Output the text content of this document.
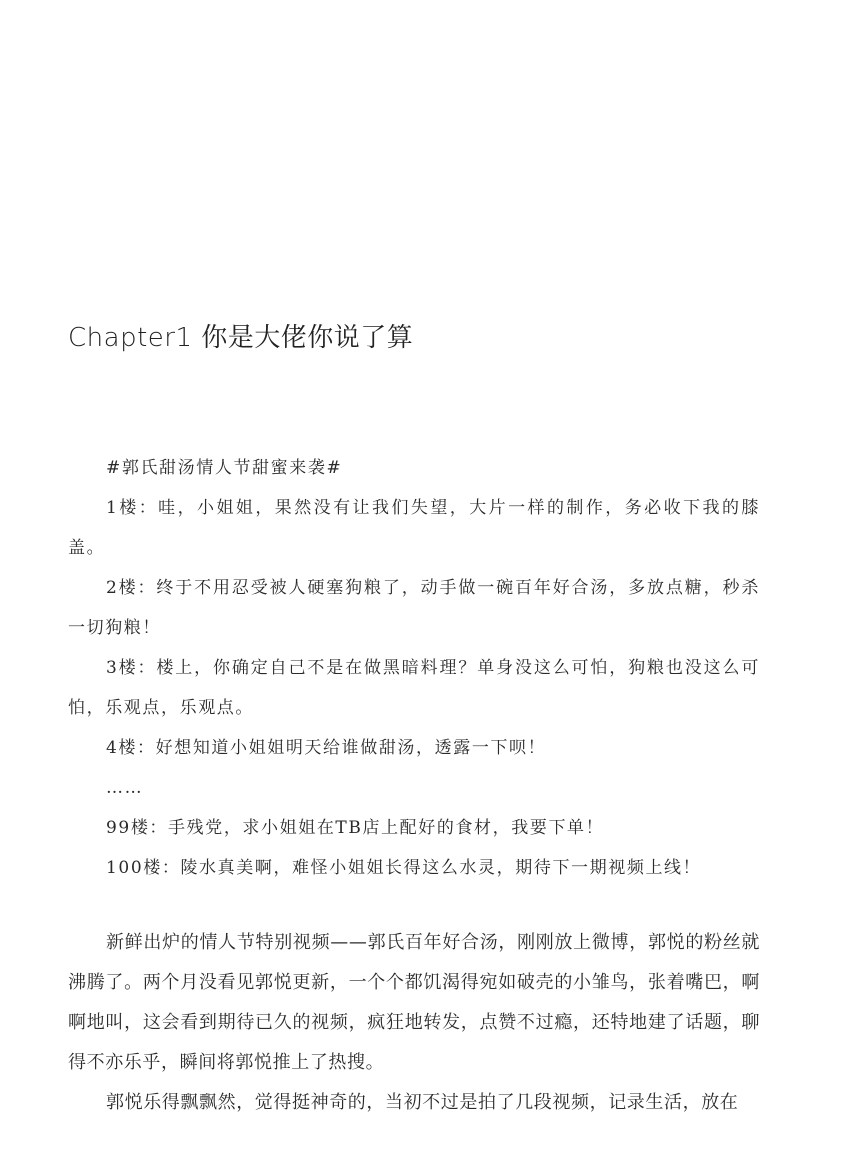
Chapter1 你是大佬你说了算

#郭氏甜汤情人节甜蜜来袭#

1楼：哇，小姐姐，果然没有让我们失望，大片一样的制作，务必收下我的膝盖。

2楼：终于不用忍受被人硬塞狗粮了，动手做一碗百年好合汤，多放点糖，秒杀一切狗粮！

3楼：楼上，你确定自己不是在做黑暗料理？单身没这么可怕，狗粮也没这么可怕，乐观点，乐观点。

4楼：好想知道小姐姐明天给谁做甜汤，透露一下呗！

……

99楼：手残党，求小姐姐在TB店上配好的食材，我要下单！

100楼：陵水真美啊，难怪小姐姐长得这么水灵，期待下一期视频上线！

新鲜出炉的情人节特别视频——郭氏百年好合汤，刚刚放上微博，郭悦的粉丝就沸腾了。两个月没看见郭悦更新，一个个都饥渴得宛如破壳的小雏鸟，张着嘴巴，啊啊地叫，这会看到期待已久的视频，疯狂地转发，点赞不过瘾，还特地建了话题，聊得不亦乐乎，瞬间将郭悦推上了热搜。

郭悦乐得飘飘然，觉得挺神奇的，当初不过是拍了几段视频，记录生活，放在
